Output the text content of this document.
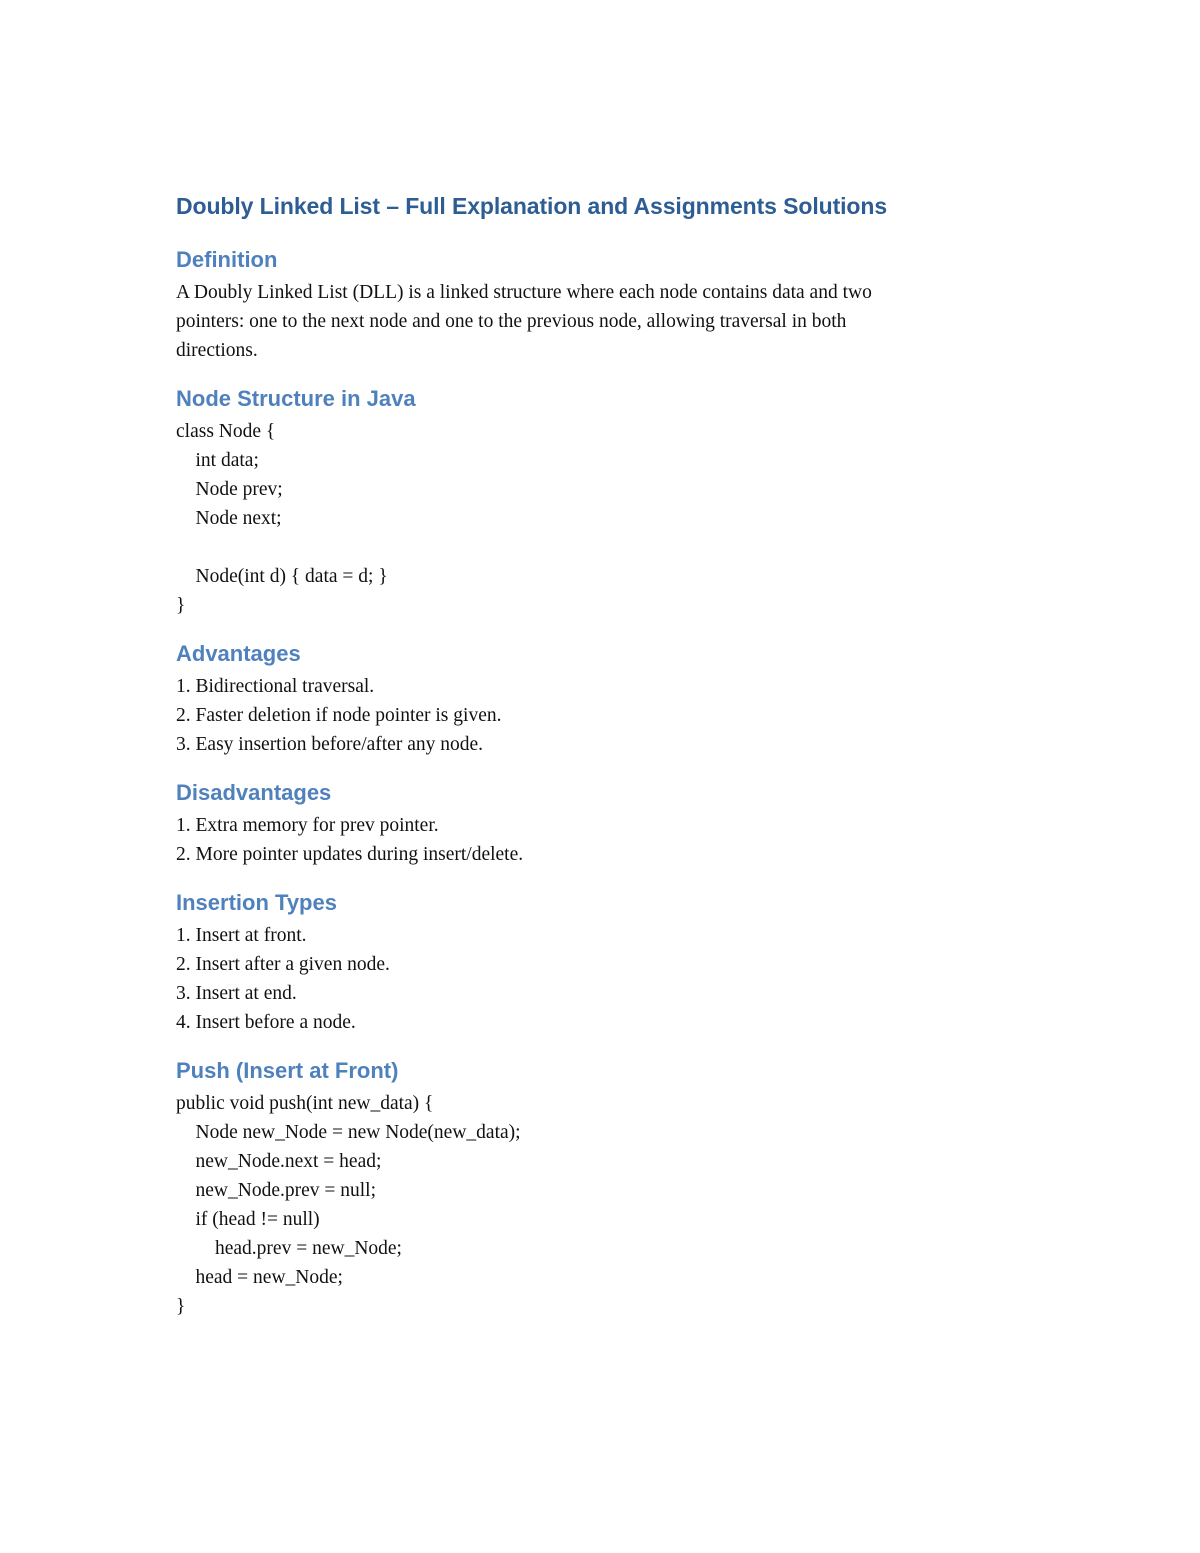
Doubly Linked List – Full Explanation and Assignments Solutions
Definition
A Doubly Linked List (DLL) is a linked structure where each node contains data and two
pointers: one to the next node and one to the previous node, allowing traversal in both
directions.
Node Structure in Java
class Node {
int data;
Node prev;
Node next;
Node(int d) { data = d; }
}
Advantages
1. Bidirectional traversal.
2. Faster deletion if node pointer is given.
3. Easy insertion before/after any node.
Disadvantages
1. Extra memory for prev pointer.
2. More pointer updates during insert/delete.
Insertion Types
1. Insert at front.
2. Insert after a given node.
3. Insert at end.
4. Insert before a node.
Push (Insert at Front)
public void push(int new_data) {
Node new_Node = new Node(new_data);
new_Node.next = head;
new_Node.prev = null;
if (head != null)
head.prev = new_Node;
head = new_Node;
}
